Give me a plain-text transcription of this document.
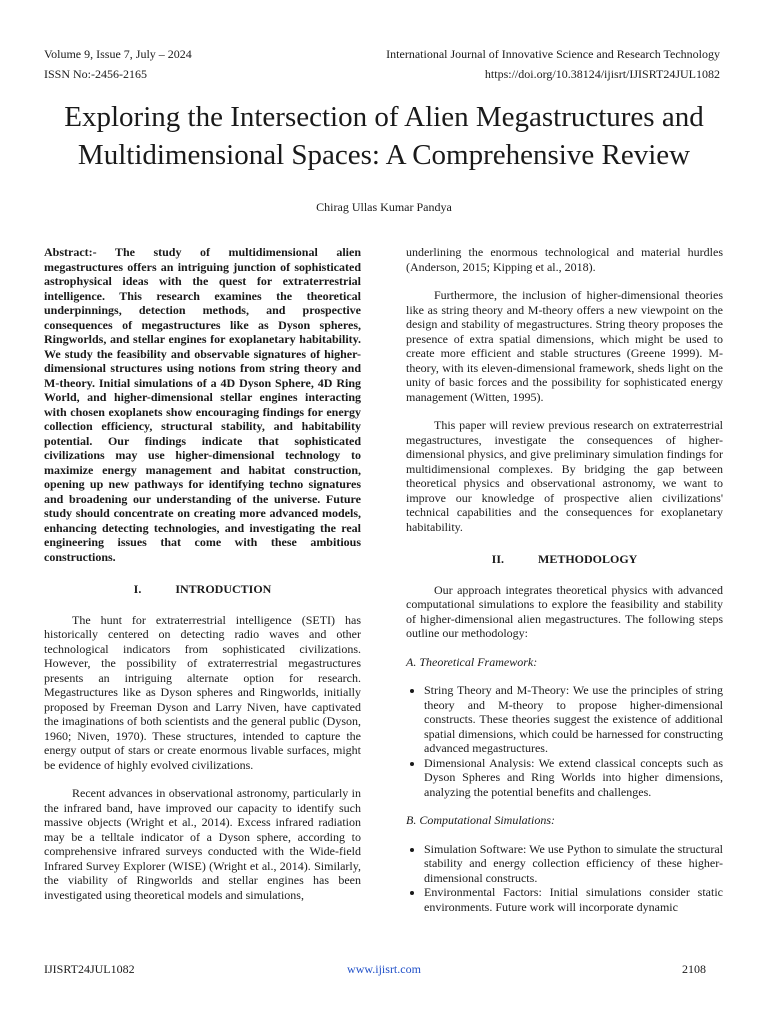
Volume 9, Issue 7, July – 2024
ISSN No:-2456-2165
International Journal of Innovative Science and Research Technology
https://doi.org/10.38124/ijisrt/IJISRT24JUL1082
Exploring the Intersection of Alien Megastructures and Multidimensional Spaces: A Comprehensive Review
Chirag Ullas Kumar Pandya

Abstract:- The study of multidimensional alien megastructures offers an intriguing junction of sophisticated astrophysical ideas with the quest for extraterrestrial intelligence. This research examines the theoretical underpinnings, detection methods, and prospective consequences of megastructures like as Dyson spheres, Ringworlds, and stellar engines for exoplanetary habitability. We study the feasibility and observable signatures of higher-dimensional structures using notions from string theory and M-theory. Initial simulations of a 4D Dyson Sphere, 4D Ring World, and higher-dimensional stellar engines interacting with chosen exoplanets show encouraging findings for energy collection efficiency, structural stability, and habitability potential. Our findings indicate that sophisticated civilizations may use higher-dimensional technology to maximize energy management and habitat construction, opening up new pathways for identifying techno signatures and broadening our understanding of the universe. Future study should concentrate on creating more advanced models, enhancing detecting technologies, and investigating the real engineering issues that come with these ambitious constructions.

I.	INTRODUCTION

The hunt for extraterrestrial intelligence (SETI) has historically centered on detecting radio waves and other technological indicators from sophisticated civilizations. However, the possibility of extraterrestrial megastructures presents an intriguing alternate option for research. Megastructures like as Dyson spheres and Ringworlds, initially proposed by Freeman Dyson and Larry Niven, have captivated the imaginations of both scientists and the general public (Dyson, 1960; Niven, 1970). These structures, intended to capture the energy output of stars or create enormous livable surfaces, might be evidence of highly evolved civilizations.

Recent advances in observational astronomy, particularly in the infrared band, have improved our capacity to identify such massive objects (Wright et al., 2014). Excess infrared radiation may be a telltale indicator of a Dyson sphere, according to comprehensive infrared surveys conducted with the Wide-field Infrared Survey Explorer (WISE) (Wright et al., 2014). Similarly, the viability of Ringworlds and stellar engines has been investigated using theoretical models and simulations,

underlining the enormous technological and material hurdles (Anderson, 2015; Kipping et al., 2018).

Furthermore, the inclusion of higher-dimensional theories like as string theory and M-theory offers a new viewpoint on the design and stability of megastructures. String theory proposes the presence of extra spatial dimensions, which might be used to create more efficient and stable structures (Greene 1999). M-theory, with its eleven-dimensional framework, sheds light on the unity of basic forces and the possibility for sophisticated energy management (Witten, 1995).

This paper will review previous research on extraterrestrial megastructures, investigate the consequences of higher-dimensional physics, and give preliminary simulation findings for multidimensional complexes. By bridging the gap between theoretical physics and observational astronomy, we want to improve our knowledge of prospective alien civilizations' technical capabilities and the consequences for exoplanetary habitability.

II.	METHODOLOGY

Our approach integrates theoretical physics with advanced computational simulations to explore the feasibility and stability of higher-dimensional alien megastructures. The following steps outline our methodology:

A. Theoretical Framework:
• String Theory and M-Theory: We use the principles of string theory and M-theory to propose higher-dimensional constructs. These theories suggest the existence of additional spatial dimensions, which could be harnessed for constructing advanced megastructures.
• Dimensional Analysis: We extend classical concepts such as Dyson Spheres and Ring Worlds into higher dimensions, analyzing the potential benefits and challenges.
B. Computational Simulations:
• Simulation Software: We use Python to simulate the structural stability and energy collection efficiency of these higher-dimensional constructs.
• Environmental Factors: Initial simulations consider static environments. Future work will incorporate dynamic
IJISRT24JUL1082	www.ijisrt.com	2108
